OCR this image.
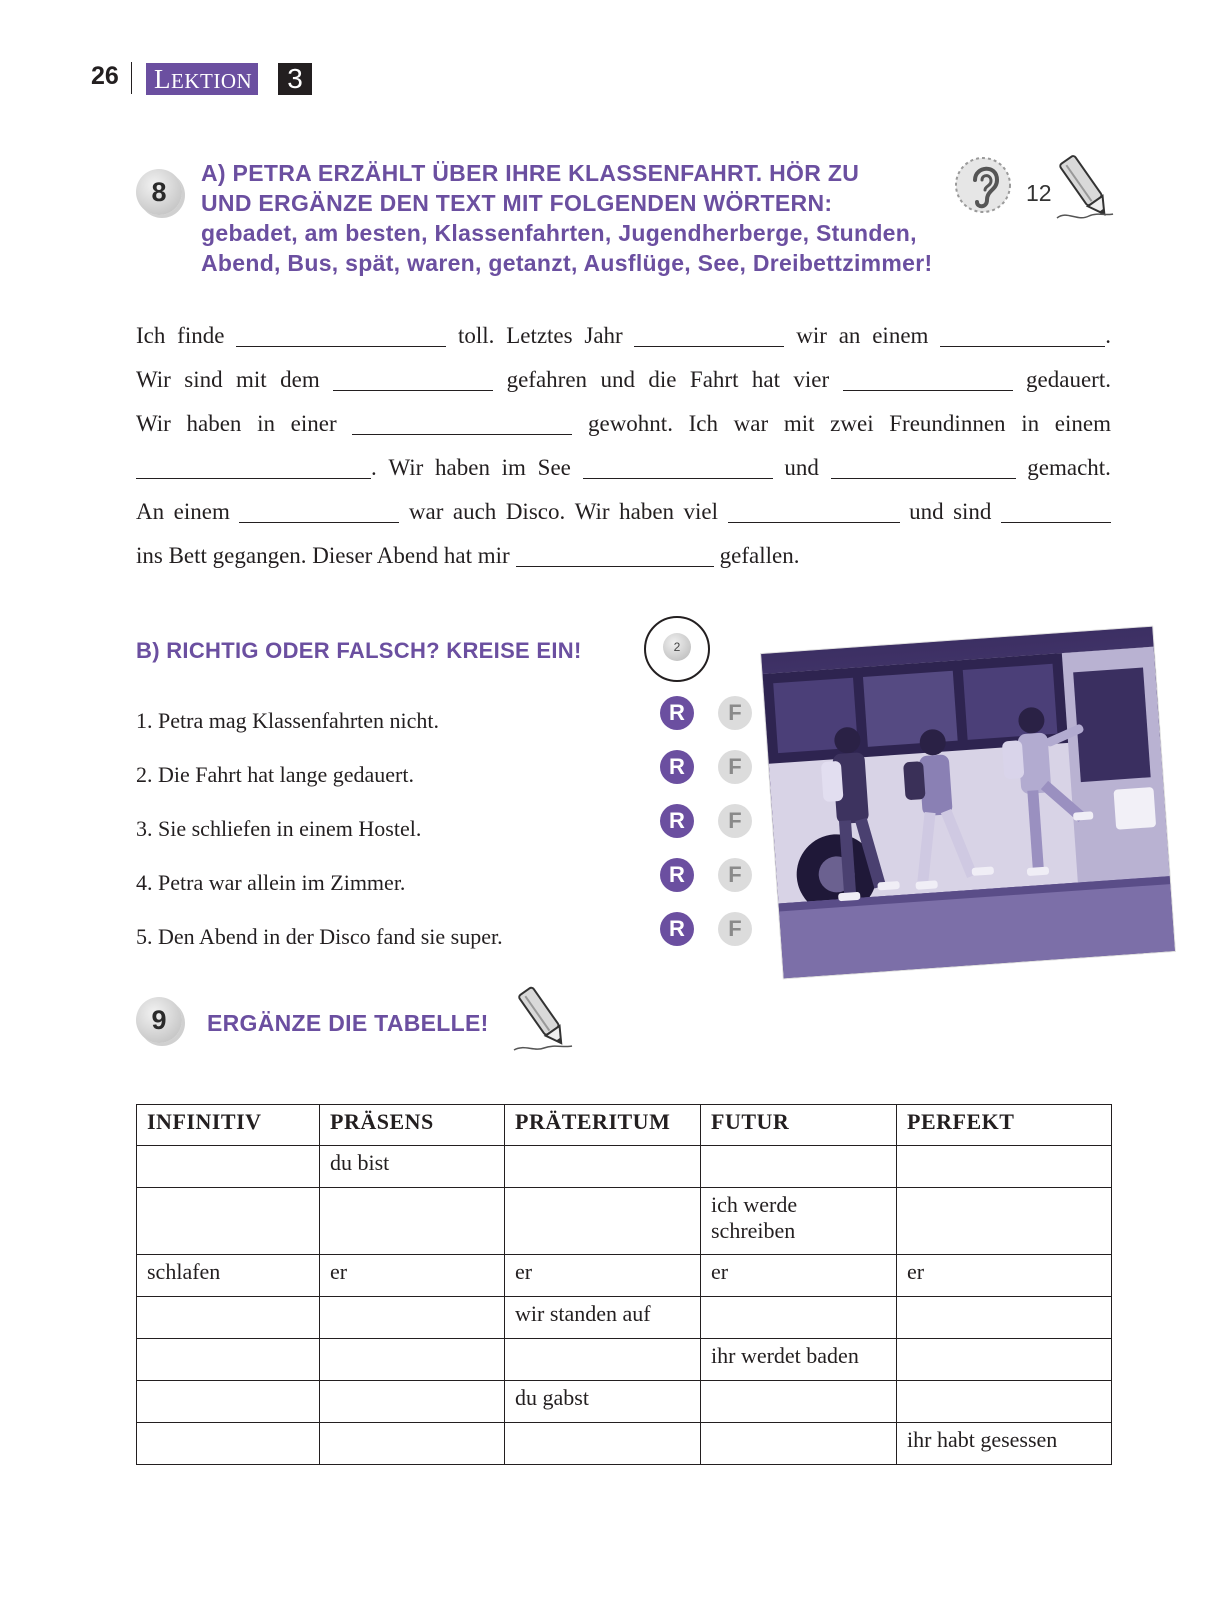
26 LEKTION	3
8
A) PETRA ERZÄHLT ÜBER IHRE KLASSENFAHRT. HÖR ZU
UND ERGÄNZE DEN TEXT MIT FOLGENDEN WÖRTERN:
gebadet, am besten, Klassenfahrten, Jugendherberge, Stunden,
Abend, Bus, spät, waren, getanzt, Ausflüge, See, Dreibettzimmer!
12
Ich finde	toll. Letztes Jahr	wir an einem	.
Wir sind mit dem	gefahren und die Fahrt hat vier	gedauert.
Wir haben in einer	gewohnt. Ich war mit zwei Freundinnen in einem
. Wir haben im See	und	gemacht.
An einem	war auch Disco. Wir haben viel	und sind
ins Bett gegangen. Dieser Abend hat mir	gefallen.
B) RICHTIG ODER FALSCH? KREISE EIN!	2
1. Petra mag Klassenfahrten nicht.
2. Die Fahrt hat lange gedauert.
3. Sie schliefen in einem Hostel.
4. Petra war allein im Zimmer.
5. Den Abend in der Disco fand sie super.
R	F
R	F
R	F
R	F
R	F
9	ERGÄNZE DIE TABELLE!
INFINITIV	PRÄSENS	PRÄTERITUM	FUTUR	PERFEKT
	du bist			
			ich werde schreiben	
schlafen	er	er	er	er
		wir standen auf		
			ihr werdet baden	
		du gabst		
				ihr habt gesessen
